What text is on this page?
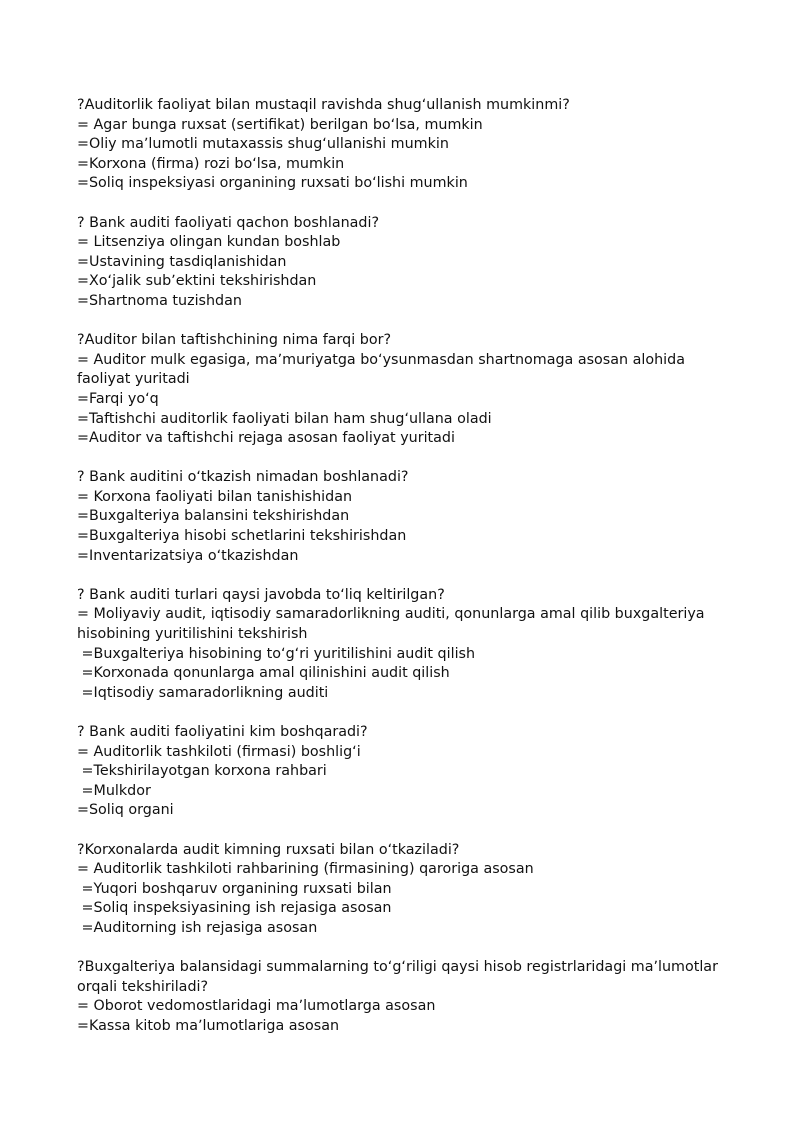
?Auditorlik faoliyat bilan mustaqil ravishda shugʻullanish mumkinmi?
= Agar bunga ruxsat (sertifikat) berilgan boʻlsa, mumkin
=Oliy maʼlumotli mutaxassis shugʻullanishi mumkin
=Korxona (firma) rozi boʻlsa, mumkin
=Soliq inspeksiyasi organining ruxsati boʻlishi mumkin
? Bank auditi faoliyati qachon boshlanadi?
= Litsenziya olingan kundan boshlab
=Ustavining tasdiqlanishidan
=Xoʻjalik subʼektini tekshirishdan
=Shartnoma tuzishdan
?Auditor bilan taftishchining nima farqi bor?
= Auditor mulk egasiga, maʼmuriyatga boʻysunmasdan shartnomaga asosan alohida faoliyat yuritadi
=Farqi yoʻq
=Taftishchi auditorlik faoliyati bilan ham shugʻullana oladi
=Auditor va taftishchi rejaga asosan faoliyat yuritadi
? Bank auditini oʻtkazish nimadan boshlanadi?
= Korxona faoliyati bilan tanishishidan
=Buxgalteriya balansini tekshirishdan
=Buxgalteriya hisobi schetlarini tekshirishdan
=Inventarizatsiya oʻtkazishdan
? Bank auditi turlari qaysi javobda toʻliq keltirilgan?
= Moliyaviy audit, iqtisodiy samaradorlikning auditi, qonunlarga amal qilib buxgalteriya hisobining yuritilishini tekshirish
=Buxgalteriya hisobining toʻgʻri yuritilishini audit qilish
=Korxonada qonunlarga amal qilinishini audit qilish
=Iqtisodiy samaradorlikning auditi
? Bank auditi faoliyatini kim boshqaradi?
= Auditorlik tashkiloti (firmasi) boshligʻi
=Tekshirilayotgan korxona rahbari
=Mulkdor
=Soliq organi
?Korxonalarda audit kimning ruxsati bilan oʻtkaziladi?
= Auditorlik tashkiloti rahbarining (firmasining) qaroriga asosan
=Yuqori boshqaruv organining ruxsati bilan
=Soliq inspeksiyasining ish rejasiga asosan
=Auditorning ish rejasiga asosan
?Buxgalteriya balansidagi summalarning toʻgʻriligi qaysi hisob registrlaridagi maʼlumotlar orqali tekshiriladi?
= Oborot vedomostlaridagi maʼlumotlarga asosan
=Kassa kitob maʼlumotlariga asosan
